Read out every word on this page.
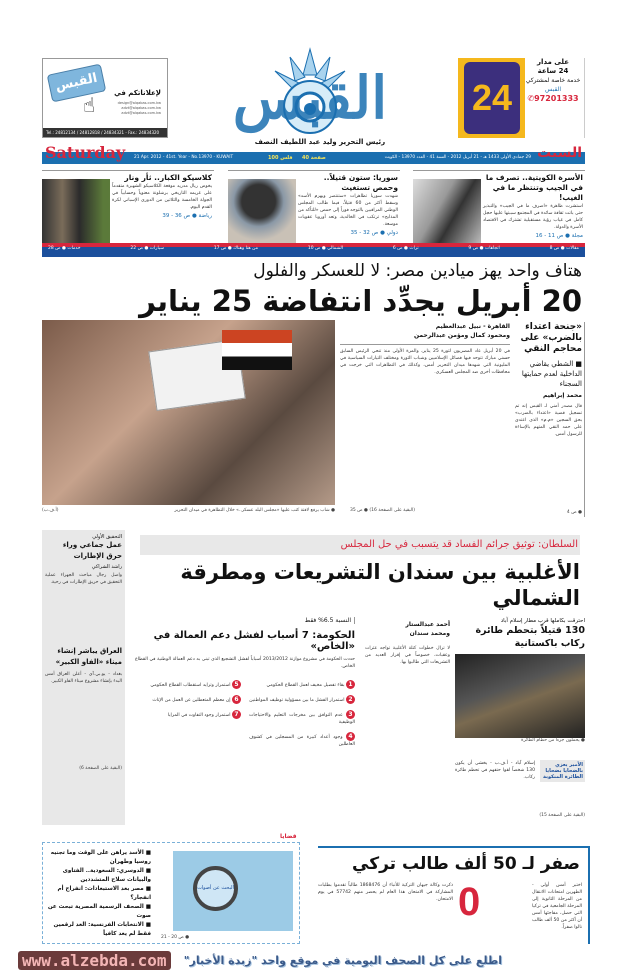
القبس
☝	لإعلاناتكم في
design@alqabas.com.kw
advt@alqabas.com.kw
advt@alqabas.com.kw
Tel.: 24812134 / 24812818 / 24834321 - Fax.: 24834320
القبس
رئيس التحرير وليد عبد اللطيف النصف
24
على مدار
24 ساعة
خدمة خاصة لمشتركي
القبس
✆97201333
Saturday	السبت
21 Apr. 2012 - 41st. Year - No.13970 - KUWAIT	100 فلس 40 صفحة	29 جمادى الأولى 1433 هـ - 21 أبريل 2012 - السنة 41 - العدد 13970 - الكويت
الأسرة الكويتية.. تصرف ما في الجيب وتنتظر ما في الغيب!
استشرت ظاهرة «اصرف ما في الجيب» والتبذير حتى باتت ثقافة سائدة في المجتمع سببتها عليها حجل كامل في غياب رؤية مستقبلية تشترك في الاقتصاد الأسرة والدولة.
مجلة ● ص 11 - 16
سوريا: ستون قتيلاً.. وحمص تستغيث
شهدت سوريا تظاهرات «ستنتصر ويهزم الأسد» وسقط أكثر من 60 قتيلاً، فيما طالب المجلس الوطني المراقبين بالتوجه فوراً إلى حمص «للتأكد من المذابح» ترتكب في الخالدية، وتعد أوروبا عقوبات موسعة.
دولي ● ص 32 - 35
كلاسيكو الكبار.. ثأر ونار
يخوض ريال مدريد موقعة الكلاسيكو الشهيرة متقدماً على غريمه التاريخي برشلونة معنوياً وحسابياً في الجولة الخامسة والثلاثين من الدوري الإسباني لكرة القدم اليوم.
رياضة ● ص 36 - 39
مقالات ● ص 8
اتجاهات ● ص 9
تراث ● ص 6
الشمالي ● ص 10
من هنا وهناك ● ص 17
سيارات ● ص 22
خدمات ● ص 28
هتاف واحد يهز ميادين مصر: لا للعسكر والفلول
20 أبريل يجدِّد انتفاضة 25 يناير
● شاب يرفع لافتة كتب عليها «مجلس البلد عسكر..» خلال التظاهرة في ميدان التحرير
(أ.ف.ب)
القاهرة - نبيل عبدالعظيم
ومحمود كمال ومؤمن عبدالرحمن
في 20 أبريل عاد المصريون لثورة 25 يناير، والمرة الأولى منذ تنحي الرئيس السابق حسني مبارك تتوحد فيها فصائل الإسلاميين وشباب الثورة ومختلف التيارات السياسية في المليونية التي شهدها ميدان التحرير أمس، وكذلك في التظاهرات التي خرجت في محافظات أخرى ضد المجلس العسكري.
(البقية على الصفحة 16) ● ص 35
«جنحة اعتداء بالضرب» على محاجم النقي
■ الشطي يقاضي الداخلية لعدم حمايتها السجناء
محمد إبراهيم
قال مصدر أمني لـ القبس إنه تم تسجيل قضية «اعتداء بالضرب» بحق السجين «م.م» الذي اعتدى على حمد النقي المتهم بالإساءة للرسول أمس.
● ص 4
السلطان: توثيق جرائم الفساد قد يتسبب في حل المجلس
الأغلبية بين سندان التشريعات ومطرقة الشمالي
التحقيق الأولي
عمل جماعي وراء حرق الإطارات
راشد الشراكي
واصل رجال مباحث الجهراء عملية التحقيق في حريق الإطارات في رحية.
العراق يباشر إنشاء ميناء «الفاو الكبير»
بغداد - يو.بي.آي - أعلن العراق أمس البدء بإنشاء مشروع ميناء الفاو الكبير.
(البقية على الصفحة 6)
احترقت بكاملها قرب مطار إسلام آباد
130 قتيلاً بتحطم طائرة ركاب باكستانية
● يحملون جزءاً من حطام الطائرة
الأمير يعزي بالضحايا بضحايا الطائرة المنكوبة
إسلام آباد - أ.ف.ب - يخشى أن يكون 130 شخصاً لقوا حتفهم في تحطم طائرة ركاب.
(البقية على الصفحة 15)
أحمد عبدالستار
ومحمد سندان
لا تزال خطوات كتلة الأغلبية تواجه عثرات وعقبات، خصوصاً في إقرار العديد من التشريعات التي طالبوا بها.
النسبة 6.5% فقط
الحكومة: 7 أسباب لفشل دعم العمالة في «الخاص»
حددت الحكومة في مشروع موازنة 2013/2012 أسباباً لفشل التشجيع الذي تبنى به دعم العمالة الوطنية في القطاع الخاص.
1 بقاء تفضيل مخيف لعمل القطاع الحكومي
5 استمرار وتزايد استقطاب القطاع الحكومي
2 استمرار الفشل ما بين مسؤولية توظيف المواطنين
6 إن معظم المتعطلين عن العمل من الإناث
3 عدم التوافق بين مخرجات التعليم والاحتياجات الوظيفية
7 استمرار وجود التفاوت في المزايا
4 وجود أعداد كبيرة من المسجلين في كشوف العاطلين
قضايا
البحث عن أصوات
■ الأسد يراهن على الوقت وما تجنيه روسيا وطهران
■ الدوسري: السعودية.. الفتاوى والبيانات سلاح المتشددين
■ مصر بعد الاستبعادات: انفراج أم انفجار؟
■ الصحف الرسمية المصرية تبحث عن صوت
■ الانتخابات الفرنسية: العد لرقمين فقط لم يعد كافياً
● ص 20 - 21
صفر لـ 50 ألف طالب تركي
0
ذكرت وكالة جيهان التركية للأنباء أن 1868476 طالباً تقدموا بطلبات المشاركة في الامتحان هذا العام لم يحضر منهم 57742 في يوم الامتحان.
اختبر أمس أولى - الطهرين امتحانات الانتقال من المرحلة الثانوية إلى المرحلة الجامعية في تركيا التي حصل، مفاجئها أمس أن أكثر من 50 ألف طالب نالوا صفراً.
www.alzebda.com	اطلع على كل الصحف اليومية في موقع واحد "زبدة الأخبار"
